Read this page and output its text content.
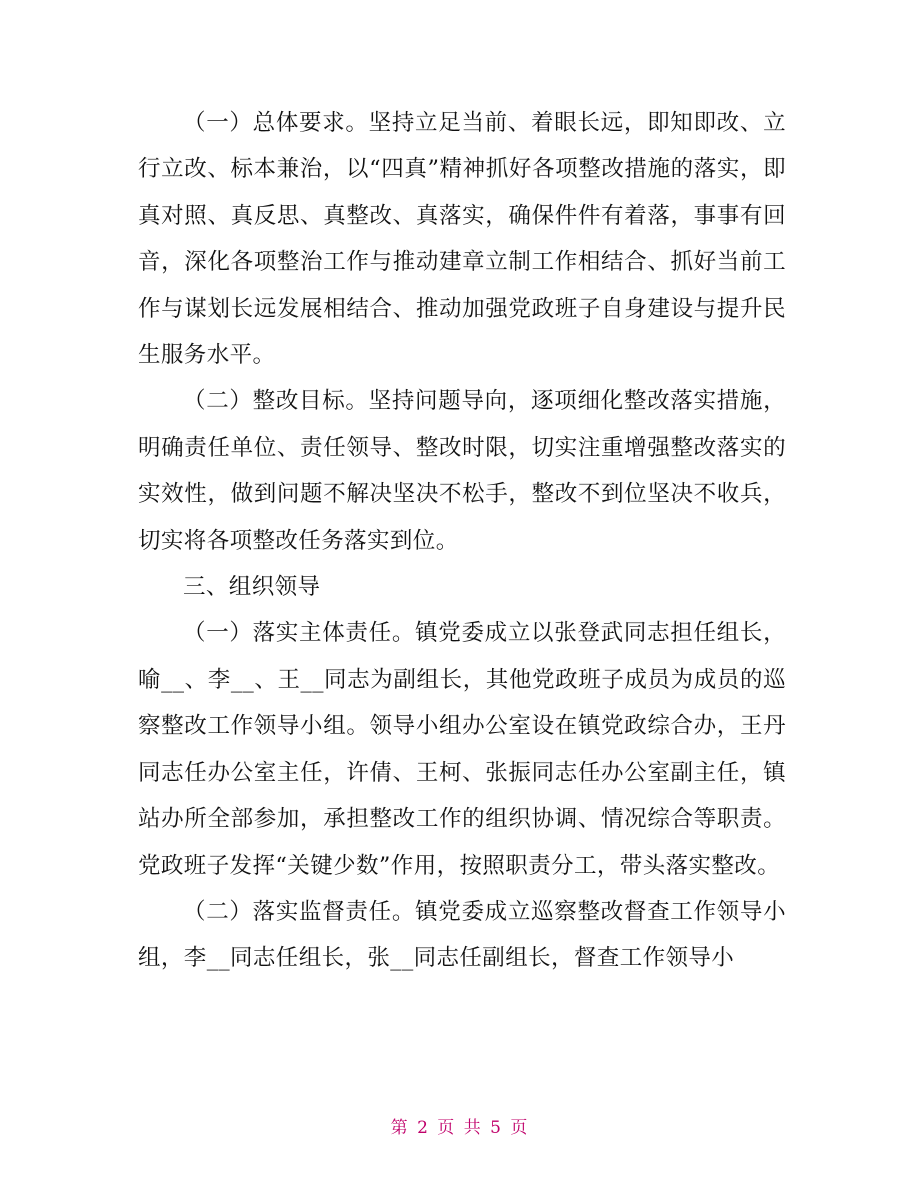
（一）总体要求。坚持立足当前、着眼长远，即知即改、立行立改、标本兼治，以“四真”精神抓好各项整改措施的落实，即真对照、真反思、真整改、真落实，确保件件有着落，事事有回音，深化各项整治工作与推动建章立制工作相结合、抓好当前工作与谋划长远发展相结合、推动加强党政班子自身建设与提升民生服务水平。

（二）整改目标。坚持问题导向，逐项细化整改落实措施，明确责任单位、责任领导、整改时限，切实注重增强整改落实的实效性，做到问题不解决坚决不松手，整改不到位坚决不收兵，切实将各项整改任务落实到位。

三、组织领导

（一）落实主体责任。镇党委成立以张登武同志担任组长，喻__、李__、王__同志为副组长，其他党政班子成员为成员的巡察整改工作领导小组。领导小组办公室设在镇党政综合办，王丹同志任办公室主任，许倩、王柯、张振同志任办公室副主任，镇站办所全部参加，承担整改工作的组织协调、情况综合等职责。党政班子发挥“关键少数”作用，按照职责分工，带头落实整改。

（二）落实监督责任。镇党委成立巡察整改督查工作领导小组，李__同志任组长，张__同志任副组长，督查工作领导小

第 2 页 共 5 页
